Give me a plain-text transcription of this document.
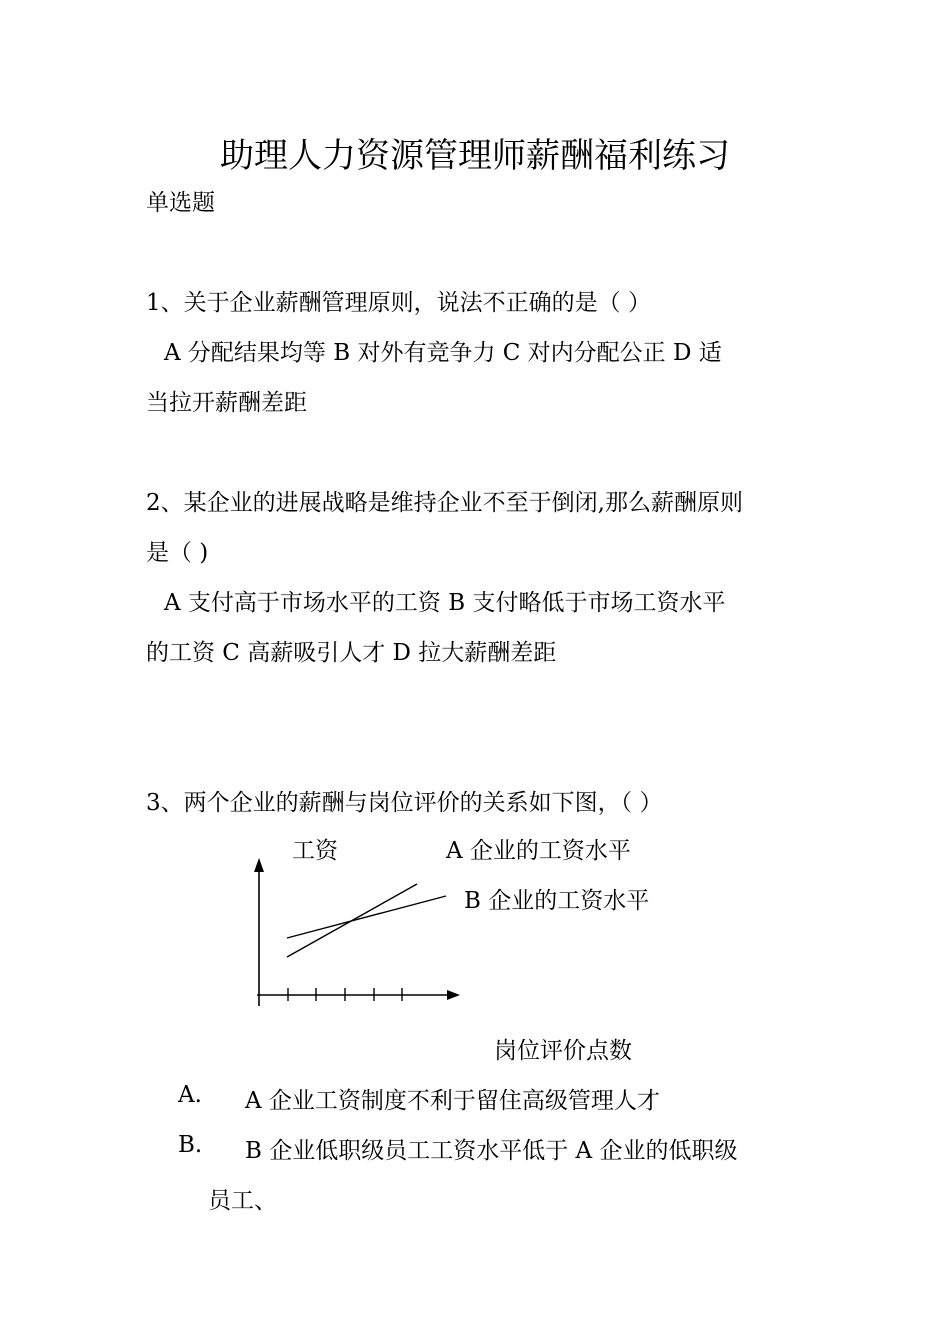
助理人力资源管理师薪酬福利练习
单选题
1、关于企业薪酬管理原则，说法不正确的是（ ）
A 分配结果均等 B 对外有竞争力 C 对内分配公正 D 适
当拉开薪酬差距
2、某企业的进展战略是维持企业不至于倒闭,那么薪酬原则
是（ )
A 支付高于市场水平的工资 B 支付略低于市场工资水平
的工资 C 高薪吸引人才 D 拉大薪酬差距
3、两个企业的薪酬与岗位评价的关系如下图，（ ）
工资	A 企业的工资水平
B 企业的工资水平
岗位评价点数
A. A 企业工资制度不利于留住高级管理人才
B. B 企业低职级员工工资水平低于 A 企业的低职级
员工、
